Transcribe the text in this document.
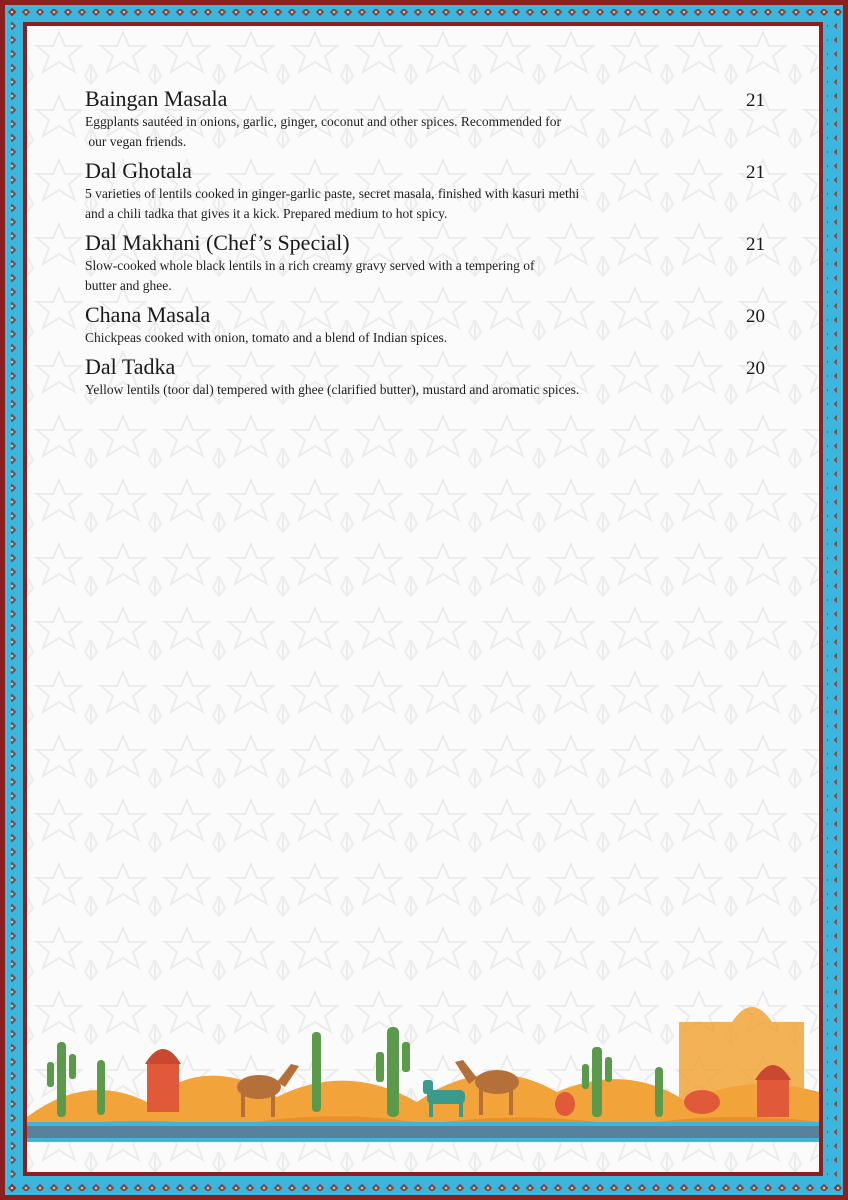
Baingan Masala	21
Eggplants sautéed in onions, garlic, ginger, coconut and other spices. Recommended for
our vegan friends.
Dal Ghotala	21
5 varieties of lentils cooked in ginger-garlic paste, secret masala, finished with kasuri methi
and a chili tadka that gives it a kick. Prepared medium to hot spicy.
Dal Makhani (Chef’s Special)	21
Slow-cooked whole black lentils in a rich creamy gravy served with a tempering of
butter and ghee.
Chana Masala	20
Chickpeas cooked with onion, tomato and a blend of Indian spices.
Dal Tadka	20
Yellow lentils (toor dal) tempered with ghee (clarified butter), mustard and aromatic spices.
